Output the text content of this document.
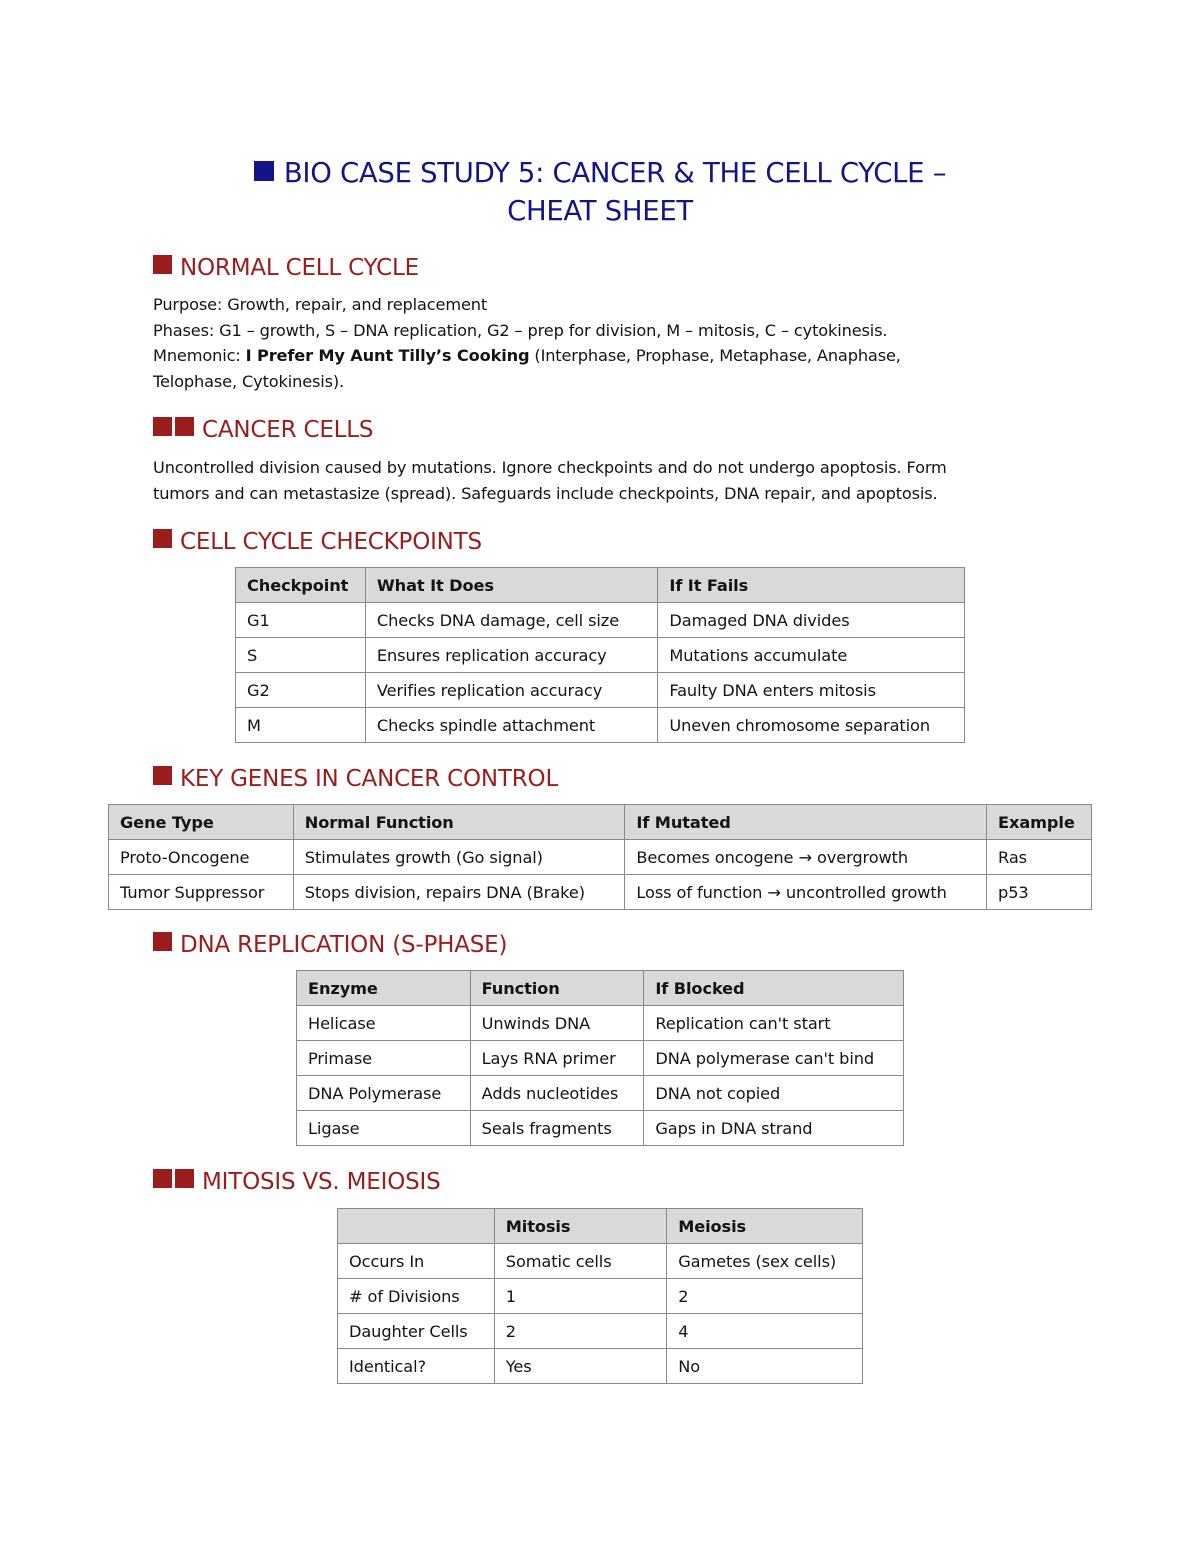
BIO CASE STUDY 5: CANCER & THE CELL CYCLE –
CHEAT SHEET
NORMAL CELL CYCLE
Purpose: Growth, repair, and replacement
Phases: G1 – growth, S – DNA replication, G2 – prep for division, M – mitosis, C – cytokinesis.
Mnemonic: I Prefer My Aunt Tilly’s Cooking (Interphase, Prophase, Metaphase, Anaphase,
Telophase, Cytokinesis).
CANCER CELLS
Uncontrolled division caused by mutations. Ignore checkpoints and do not undergo apoptosis. Form
tumors and can metastasize (spread). Safeguards include checkpoints, DNA repair, and apoptosis.
CELL CYCLE CHECKPOINTS
Checkpoint	What It Does	If It Fails
G1	Checks DNA damage, cell size	Damaged DNA divides
S	Ensures replication accuracy	Mutations accumulate
G2	Verifies replication accuracy	Faulty DNA enters mitosis
M	Checks spindle attachment	Uneven chromosome separation
KEY GENES IN CANCER CONTROL
Gene Type	Normal Function	If Mutated	Example
Proto-Oncogene	Stimulates growth (Go signal)	Becomes oncogene → overgrowth	Ras
Tumor Suppressor	Stops division, repairs DNA (Brake)	Loss of function → uncontrolled growth	p53
DNA REPLICATION (S-PHASE)
Enzyme	Function	If Blocked
Helicase	Unwinds DNA	Replication can't start
Primase	Lays RNA primer	DNA polymerase can't bind
DNA Polymerase	Adds nucleotides	DNA not copied
Ligase	Seals fragments	Gaps in DNA strand
MITOSIS VS. MEIOSIS
	Mitosis	Meiosis
Occurs In	Somatic cells	Gametes (sex cells)
# of Divisions	1	2
Daughter Cells	2	4
Identical?	Yes	No
